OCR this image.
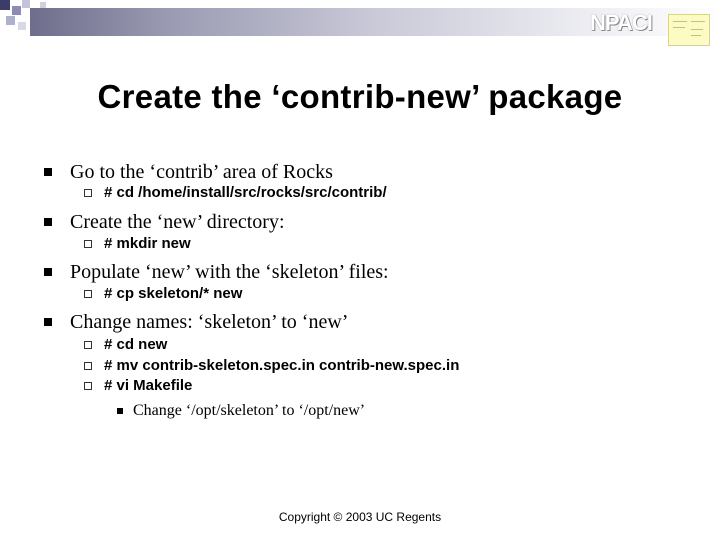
NPACI
Create the ‘contrib-new’ package
Go to the ‘contrib’ area of Rocks
# cd /home/install/src/rocks/src/contrib/
Create the ‘new’ directory:
# mkdir new
Populate ‘new’ with the ‘skeleton’ files:
# cp skeleton/* new
Change names: ‘skeleton’ to ‘new’
# cd new
# mv contrib-skeleton.spec.in contrib-new.spec.in
# vi Makefile
Change ‘/opt/skeleton’ to ‘/opt/new’
Copyright © 2003 UC Regents
